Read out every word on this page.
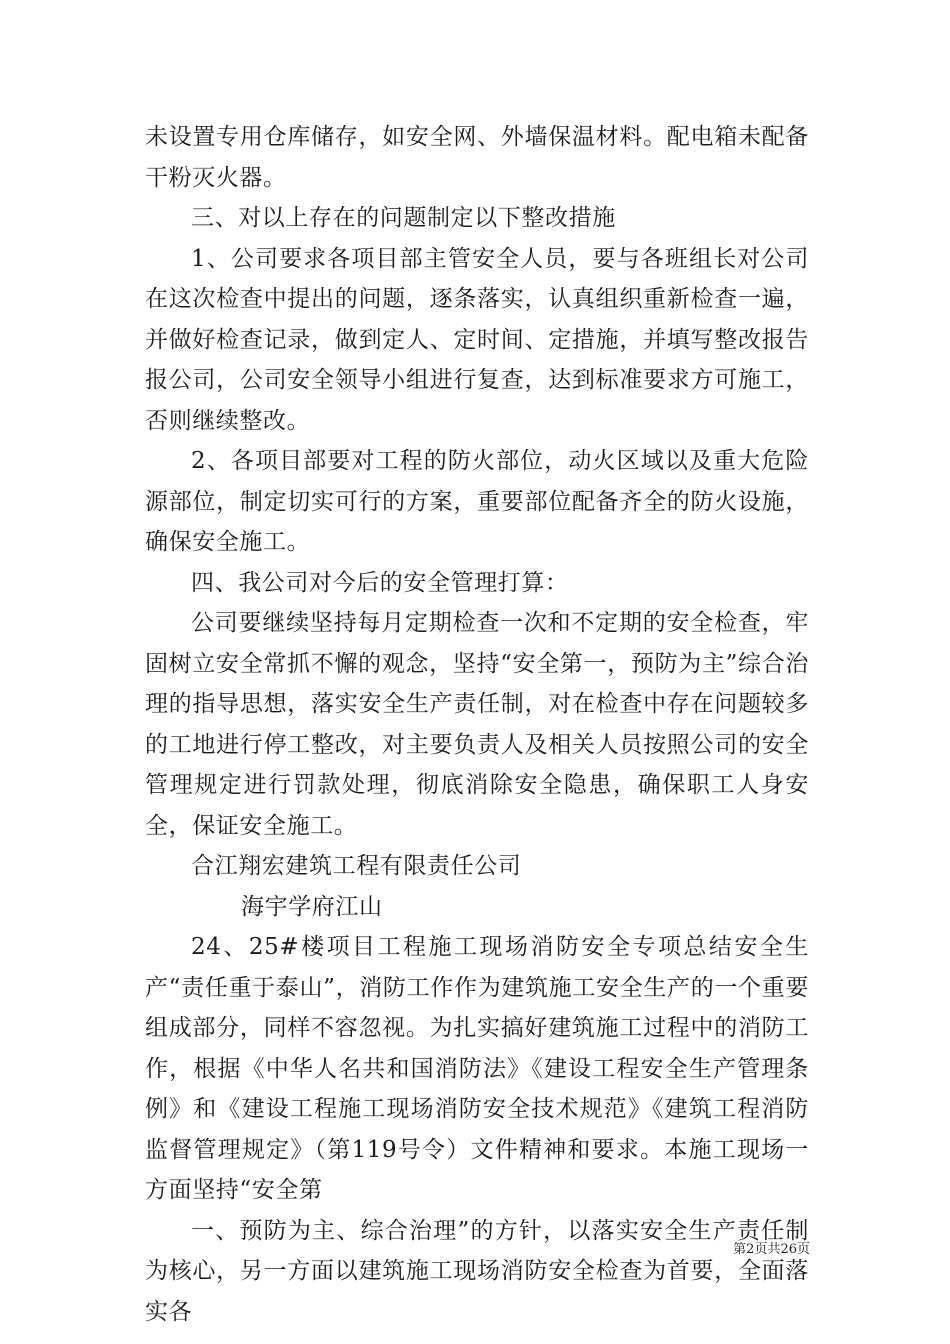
未设置专用仓库储存，如安全网、外墙保温材料。配电箱未配备干粉灭火器。

三、对以上存在的问题制定以下整改措施

1、公司要求各项目部主管安全人员，要与各班组长对公司在这次检查中提出的问题，逐条落实，认真组织重新检查一遍，并做好检查记录，做到定人、定时间、定措施，并填写整改报告报公司，公司安全领导小组进行复查，达到标准要求方可施工，否则继续整改。

2、各项目部要对工程的防火部位，动火区域以及重大危险源部位，制定切实可行的方案，重要部位配备齐全的防火设施，确保安全施工。

四、我公司对今后的安全管理打算：

公司要继续坚持每月定期检查一次和不定期的安全检查，牢固树立安全常抓不懈的观念，坚持“安全第一，预防为主”综合治理的指导思想，落实安全生产责任制，对在检查中存在问题较多的工地进行停工整改，对主要负责人及相关人员按照公司的安全管理规定进行罚款处理，彻底消除安全隐患，确保职工人身安全，保证安全施工。

合江翔宏建筑工程有限责任公司

海宇学府江山

24、25#楼项目工程施工现场消防安全专项总结安全生产“责任重于泰山”，消防工作作为建筑施工安全生产的一个重要组成部分，同样不容忽视。为扎实搞好建筑施工过程中的消防工作，根据《中华人名共和国消防法》《建设工程安全生产管理条例》和《建设工程施工现场消防安全技术规范》《建筑工程消防监督管理规定》（第119号令）文件精神和要求。本施工现场一方面坚持“安全第

一、预防为主、综合治理”的方针，以落实安全生产责任制为核心，另一方面以建筑施工现场消防安全检查为首要，全面落实各

第2页共26页
